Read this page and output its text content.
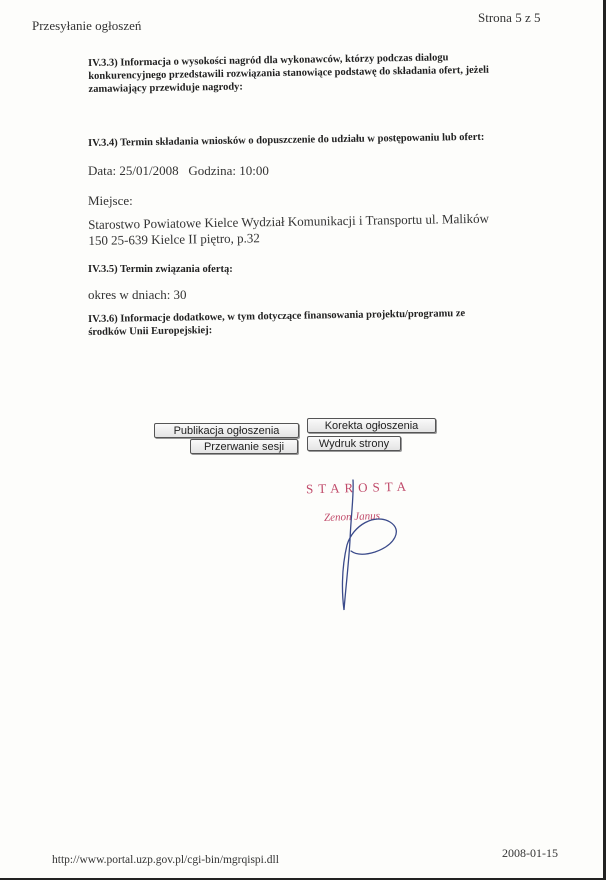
Przesyłanie ogłoszeń
Strona 5 z 5
IV.3.3) Informacja o wysokości nagród dla wykonawców, którzy podczas dialogu
konkurencyjnego przedstawili rozwiązania stanowiące podstawę do składania ofert, jeżeli
zamawiający przewiduje nagrody:
IV.3.4) Termin składania wniosków o dopuszczenie do udziału w postępowaniu lub ofert:
Data: 25/01/2008   Godzina: 10:00
Miejsce:
Starostwo Powiatowe Kielce Wydział Komunikacji i Transportu ul. Malików
150 25-639 Kielce II piętro, p.32
IV.3.5) Termin związania ofertą:
okres w dniach: 30
IV.3.6) Informacje dodatkowe, w tym dotyczące finansowania projektu/programu ze
środków Unii Europejskiej:
Publikacja ogłoszenia	Korekta ogłoszenia
Przerwanie sesji	Wydruk strony
STAROSTA
Zenon Janus
http://www.portal.uzp.gov.pl/cgi-bin/mgrqispi.dll	2008-01-15
